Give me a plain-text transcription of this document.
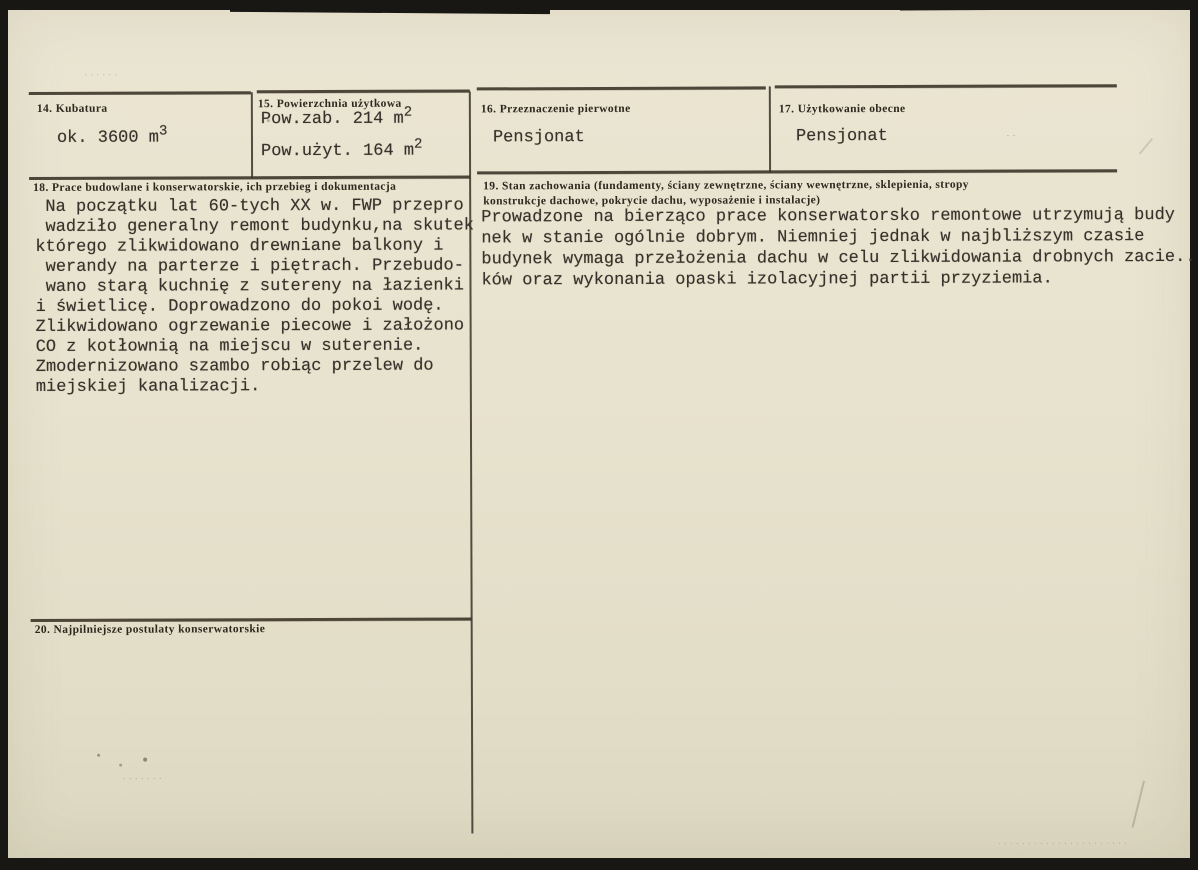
14. Kubatura
ok. 3600 m3
15. Powierzchnia użytkowa
Pow.zab. 214 m2
Pow.użyt. 164 m2
16. Przeznaczenie pierwotne
Pensjonat
17. Użytkowanie obecne
Pensjonat
18. Prace budowlane i konserwatorskie, ich przebieg i dokumentacja
Na początku lat 60-tych XX w. FWP przepro
wadziło generalny remont budynku,na skutek
którego zlikwidowano drewniane balkony i
werandy na parterze i piętrach. Przebudo-
wano starą kuchnię z sutereny na łazienki
i świetlicę. Doprowadzono do pokoi wodę.
Zlikwidowano ogrzewanie piecowe i założono
CO z kotłownią na miejscu w suterenie.
Zmodernizowano szambo robiąc przelew do
miejskiej kanalizacji.
19. Stan zachowania (fundamenty, ściany zewnętrzne, ściany wewnętrzne, sklepienia, stropy
konstrukcje dachowe, pokrycie dachu, wyposażenie i instalacje)
Prowadzone na bierząco prace konserwatorsko remontowe utrzymują budy
nek w stanie ogólnie dobrym. Niemniej jednak w najbliższym czasie
budynek wymaga przełożenia dachu w celu zlikwidowania drobnych zacie..
ków oraz wykonania opaski izolacyjnej partii przyziemia.
20. Najpilniejsze postulaty konserwatorskie
